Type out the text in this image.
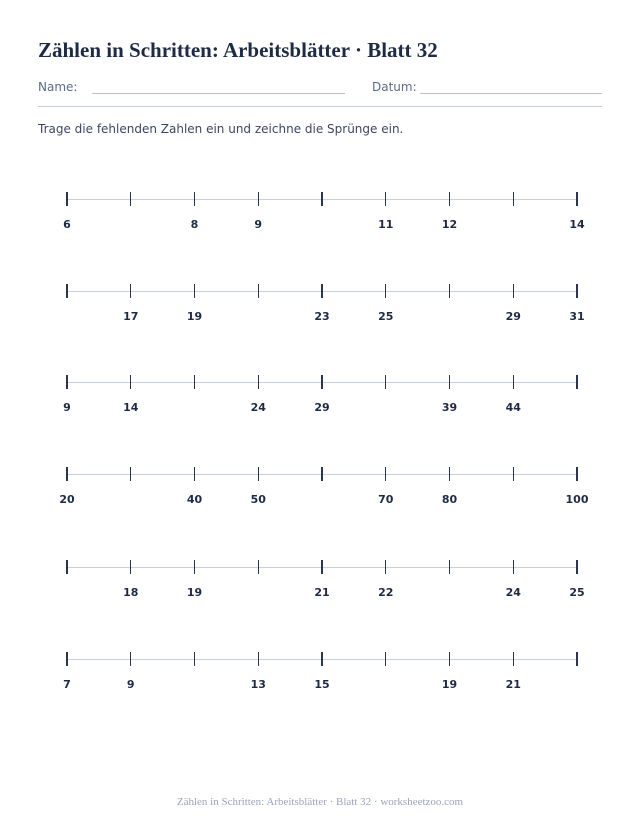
Zählen in Schritten: Arbeitsblätter · Blatt 32
Name:	Datum:

Trage die fehlenden Zahlen ein und zeichne die Sprünge ein.

6	8	9	11	12	14
17	19	23	25	29	31
9	14	24	29	39	44
20	40	50	70	80	100
18	19	21	22	24	25
7	9	13	15	19	21
Zählen in Schritten: Arbeitsblätter · Blatt 32 · worksheetzoo.com
